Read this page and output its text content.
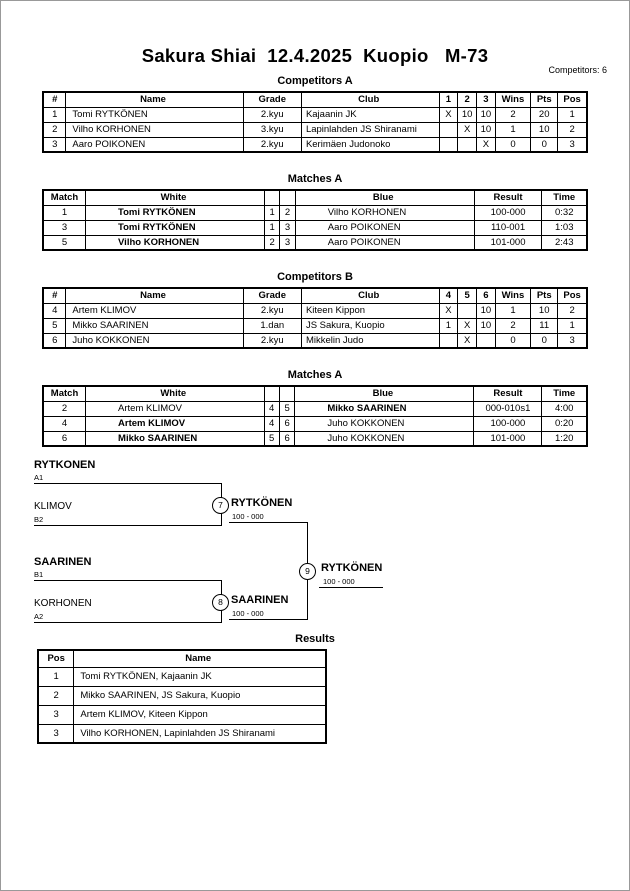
Sakura Shiai  12.4.2025  Kuopio   M-73
Competitors: 6
Competitors A
#	Name	Grade	Club	1	2	3	Wins	Pts	Pos
1	Tomi RYTKÖNEN	2.kyu	Kajaanin JK	X	10	10	2	20	1
2	Vilho KORHONEN	3.kyu	Lapinlahden JS Shiranami		X	10	1	10	2
3	Aaro POIKONEN	2.kyu	Kerimäen Judonoko			X	0	0	3
Matches A
Match	White			Blue	Result	Time
1	Tomi RYTKÖNEN	1	2	Vilho KORHONEN	100-000	0:32
3	Tomi RYTKÖNEN	1	3	Aaro POIKONEN	110-001	1:03
5	Vilho KORHONEN	2	3	Aaro POIKONEN	101-000	2:43
Competitors B
#	Name	Grade	Club	4	5	6	Wins	Pts	Pos
4	Artem KLIMOV	2.kyu	Kiteen Kippon	X		10	1	10	2
5	Mikko SAARINEN	1.dan	JS Sakura, Kuopio	1	X	10	2	11	1
6	Juho KOKKONEN	2.kyu	Mikkelin Judo		X		0	0	3
Matches A
Match	White			Blue	Result	Time
2	Artem KLIMOV	4	5	Mikko SAARINEN	000-010s1	4:00
4	Artem KLIMOV	4	6	Juho KOKKONEN	100-000	0:20
6	Mikko SAARINEN	5	6	Juho KOKKONEN	101-000	1:20
RYTKONEN
A1
KLIMOV
B2
7 RYTKÖNEN
100 - 000
SAARINEN
B1
KORHONEN
A2
8 SAARINEN
100 - 000
9	RYTKÖNEN
100 - 000
Results
Pos	Name
1	Tomi RYTKÖNEN, Kajaanin JK
2	Mikko SAARINEN, JS Sakura, Kuopio
3	Artem KLIMOV, Kiteen Kippon
3	Vilho KORHONEN, Lapinlahden JS Shiranami
